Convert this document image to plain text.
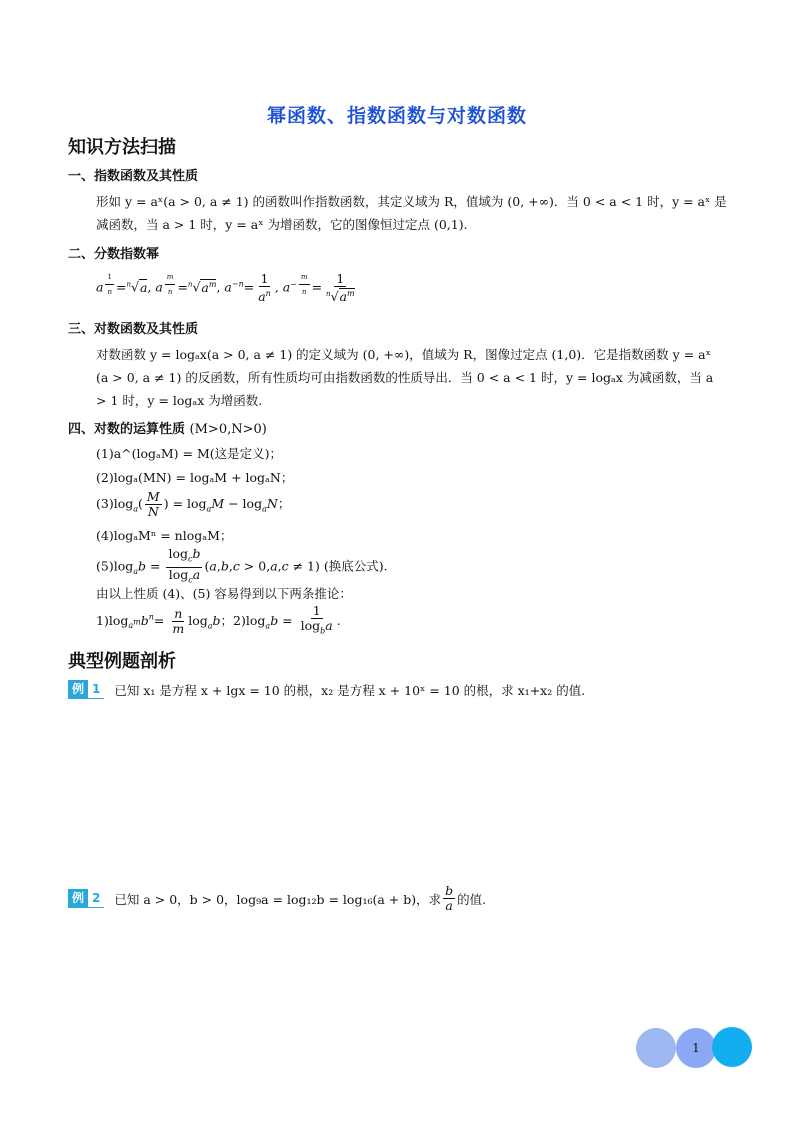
幂函数、指数函数与对数函数
知识方法扫描
一、指数函数及其性质
形如 y = aˣ(a > 0, a ≠ 1) 的函数叫作指数函数，其定义域为 R，值域为 (0, +∞)．当 0 < a < 1 时，y = aˣ 是
减函数，当 a > 1 时，y = aˣ 为增函数，它的图像恒过定点 (0,1).
二、分数指数幂
a $^{\frac{1}{n}}$ =$^n$√a, a $^{\frac{m}{n}} =^n√a^m$, $a^{-n}= \frac{1}{a^n}$ , $a^{- \frac{m}{n}} = \frac{1}{^n√a^m}$
三、对数函数及其性质
对数函数 y = logₐx(a > 0, a ≠ 1) 的定义域为 (0, +∞)，值域为 R，图像过定点 (1,0)．它是指数函数 y = aˣ
(a > 0, a ≠ 1) 的反函数，所有性质均可由指数函数的性质导出．当 0 < a < 1 时，y = logₐx 为减函数，当 a
> 1 时，y = logₐx 为增函数.
四、对数的运算性质 (M>0,N>0)
(1)a^(logₐM) = M(这是定义)；
(2)logₐ(MN) = logₐM + logₐN；
$(3)\log_a( \frac{M}{N}$ ) = $\log_aM - \log_aN$；
(4)logₐMⁿ = nlogₐM；
$(5)\log_ab = \frac{\log_cb}{\log_ca} (a,b,c > 0,a,c \ne 1)$ (换底公式).
由以上性质 (4)、(5) 容易得到以下两条推论：
$1)\log_{a^m}b^n= \frac{n}{m} \log_ab$；$2)\log_ab = \frac{1}{\log_ba}$ .
典型例题剖析
例 1	已知 x₁ 是方程 x + lgx = 10 的根，x₂ 是方程 x + 10ˣ = 10 的根，求 x₁+x₂ 的值.
例 2	已知 a > 0，b > 0，log₉a = log₁₂b = log₁₆(a + b)，求 $\frac{b}{a}$ 的值.
1
